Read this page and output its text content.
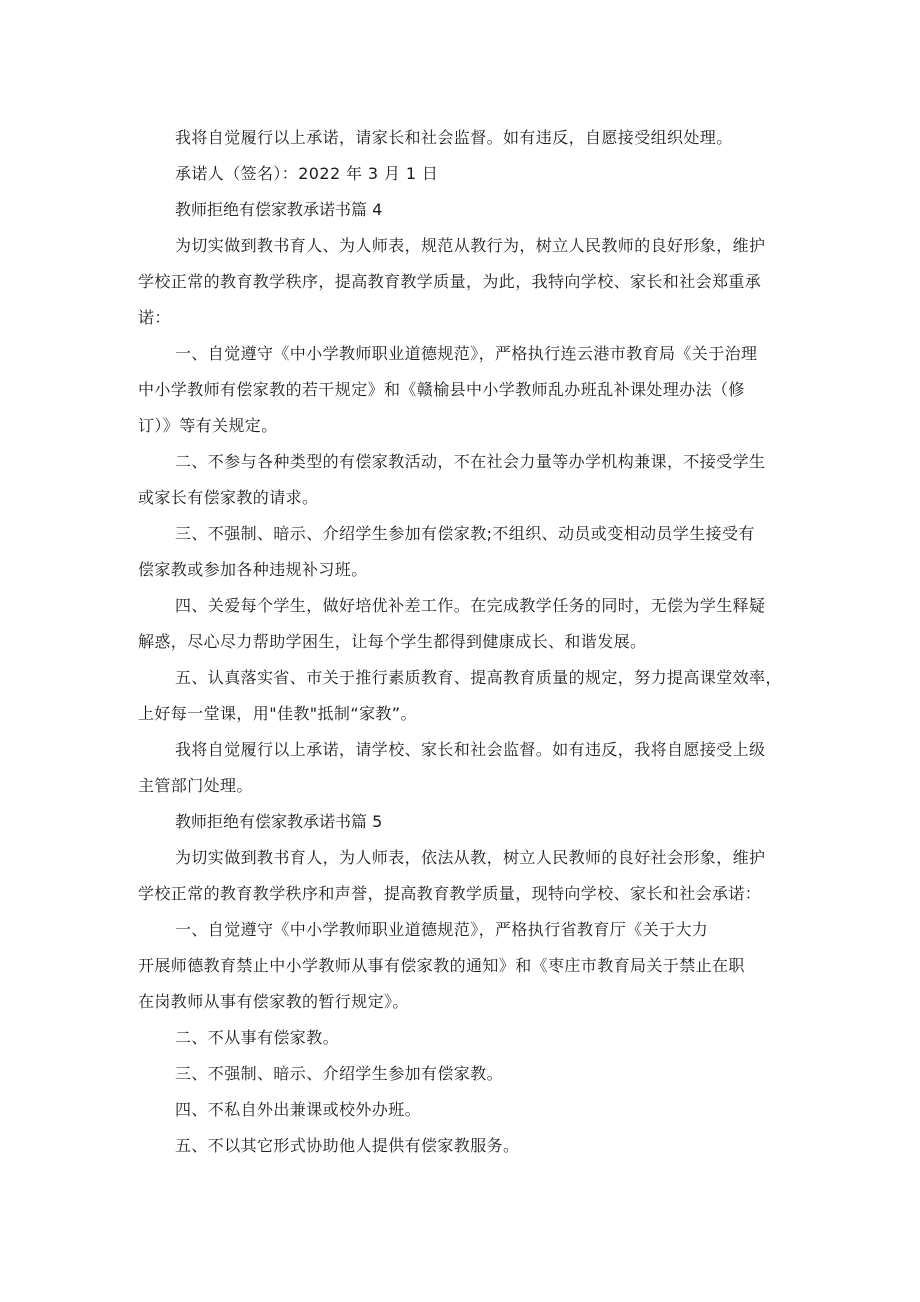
我将自觉履行以上承诺，请家长和社会监督。如有违反，自愿接受组织处理。

承诺人（签名）：2022 年 3 月 1 日

教师拒绝有偿家教承诺书篇 4

为切实做到教书育人、为人师表，规范从教行为，树立人民教师的良好形象，维护
学校正常的教育教学秩序，提高教育教学质量，为此，我特向学校、家长和社会郑重承
诺：

一、自觉遵守《中小学教师职业道德规范》，严格执行连云港市教育局《关于治理
中小学教师有偿家教的若干规定》和《赣榆县中小学教师乱办班乱补课处理办法（修
订）》等有关规定。

二、不参与各种类型的有偿家教活动，不在社会力量等办学机构兼课，不接受学生
或家长有偿家教的请求。

三、不强制、暗示、介绍学生参加有偿家教;不组织、动员或变相动员学生接受有
偿家教或参加各种违规补习班。

四、关爱每个学生，做好培优补差工作。在完成教学任务的同时，无偿为学生释疑
解惑，尽心尽力帮助学困生，让每个学生都得到健康成长、和谐发展。

五、认真落实省、市关于推行素质教育、提高教育质量的规定，努力提高课堂效率，
上好每一堂课，用"佳教"抵制“家教”。

我将自觉履行以上承诺，请学校、家长和社会监督。如有违反，我将自愿接受上级
主管部门处理。

教师拒绝有偿家教承诺书篇 5

为切实做到教书育人，为人师表，依法从教，树立人民教师的良好社会形象，维护
学校正常的教育教学秩序和声誉，提高教育教学质量，现特向学校、家长和社会承诺：

一、自觉遵守《中小学教师职业道德规范》，严格执行省教育厅《关于大力
开展师德教育禁止中小学教师从事有偿家教的通知》和《枣庄市教育局关于禁止在职
在岗教师从事有偿家教的暂行规定》。

二、不从事有偿家教。

三、不强制、暗示、介绍学生参加有偿家教。

四、不私自外出兼课或校外办班。

五、不以其它形式协助他人提供有偿家教服务。
